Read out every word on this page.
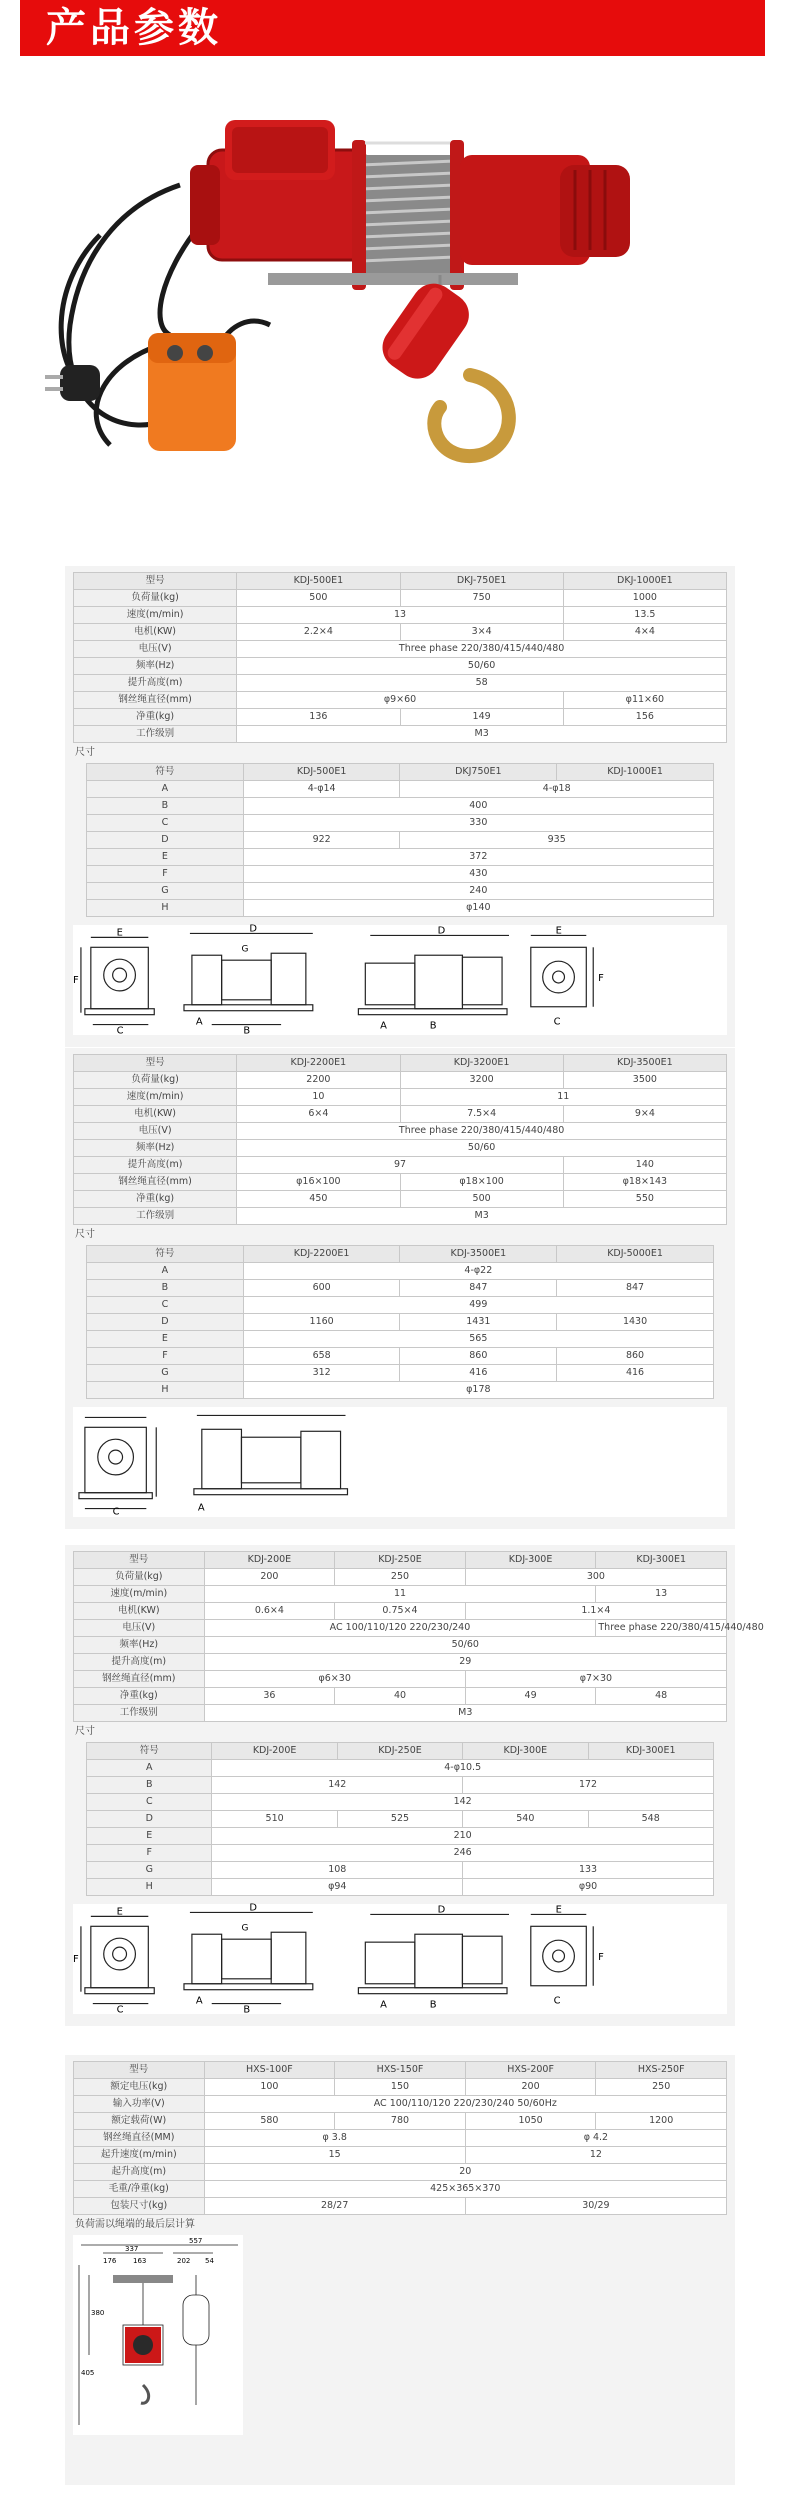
产品参数
1
型号	KDJ-500E1	DKJ-750E1	DKJ-1000E1
负荷量(kg)	500	750	1000
速度(m/min)	13		13.5
电机(KW)	2.2×4	3×4	4×4
电压(V)	Three phase 220/380/415/440/480		
频率(Hz)	50/60		
提升高度(m)	58		
钢丝绳直径(mm)	φ9×60		φ11×60
净重(kg)	136	149	156
工作级别	M3		
尺寸
符号	KDJ-500E1	DKJ750E1	KDJ-1000E1
A	4-φ14	4-φ18	
B	400		
C	330		
D	922	935	
E	372		
F	430		
G	240		
H	φ140		
E	D
G
F
C	B
A
D	E
F
A	B	C
型号	KDJ-2200E1	KDJ-3200E1	KDJ-3500E1
负荷量(kg)	2200	3200	3500
速度(m/min)	10	11	
电机(KW)	6×4	7.5×4	9×4
电压(V)	Three phase 220/380/415/440/480		
频率(Hz)	50/60		
提升高度(m)	97		140
钢丝绳直径(mm)	φ16×100	φ18×100	φ18×143
净重(kg)	450	500	550
工作级别	M3		
尺寸
符号	KDJ-2200E1	KDJ-3500E1	KDJ-5000E1
A	4-φ22		
B	600	847	847
C	499		
D	1160	1431	1430
E	565		
F	658	860	860
G	312	416	416
H	φ178		
C	A
型号	KDJ-200E	KDJ-250E	KDJ-300E	KDJ-300E1
负荷量(kg)	200	250	300	
速度(m/min)	11			13
电机(KW)	0.6×4	0.75×4	1.1×4	
电压(V)	AC 100/110/120 220/230/240			Three phase 220/380/415/440/480
频率(Hz)	50/60			
提升高度(m)	29			
钢丝绳直径(mm)	φ6×30		φ7×30	
净重(kg)	36	40	49	48
工作级别	M3			
尺寸
符号	KDJ-200E	KDJ-250E	KDJ-300E	KDJ-300E1
A	4-φ10.5			
B	142		172	
C	142			
D	510	525	540	548
E	210			
F	246			
G	108		133	
H	φ94		φ90	
E	D
G
F
C	B
A
D	E
F
A	B	C
型号	HXS-100F	HXS-150F	HXS-200F	HXS-250F
额定电压(kg)	100	150	200	250
输入功率(V)	AC 100/110/120 220/230/240 50/60Hz			
额定载荷(W)	580	780	1050	1200
钢丝绳直径(MM)	φ 3.8		φ 4.2	
起升速度(m/min)	15		12	
起升高度(m)	20			
毛重/净重(kg)	425×365×370			
包装尺寸(kg)	28/27		30/29	
负荷需以绳端的最后层计算
337
557
176 163	202 54
380
405
